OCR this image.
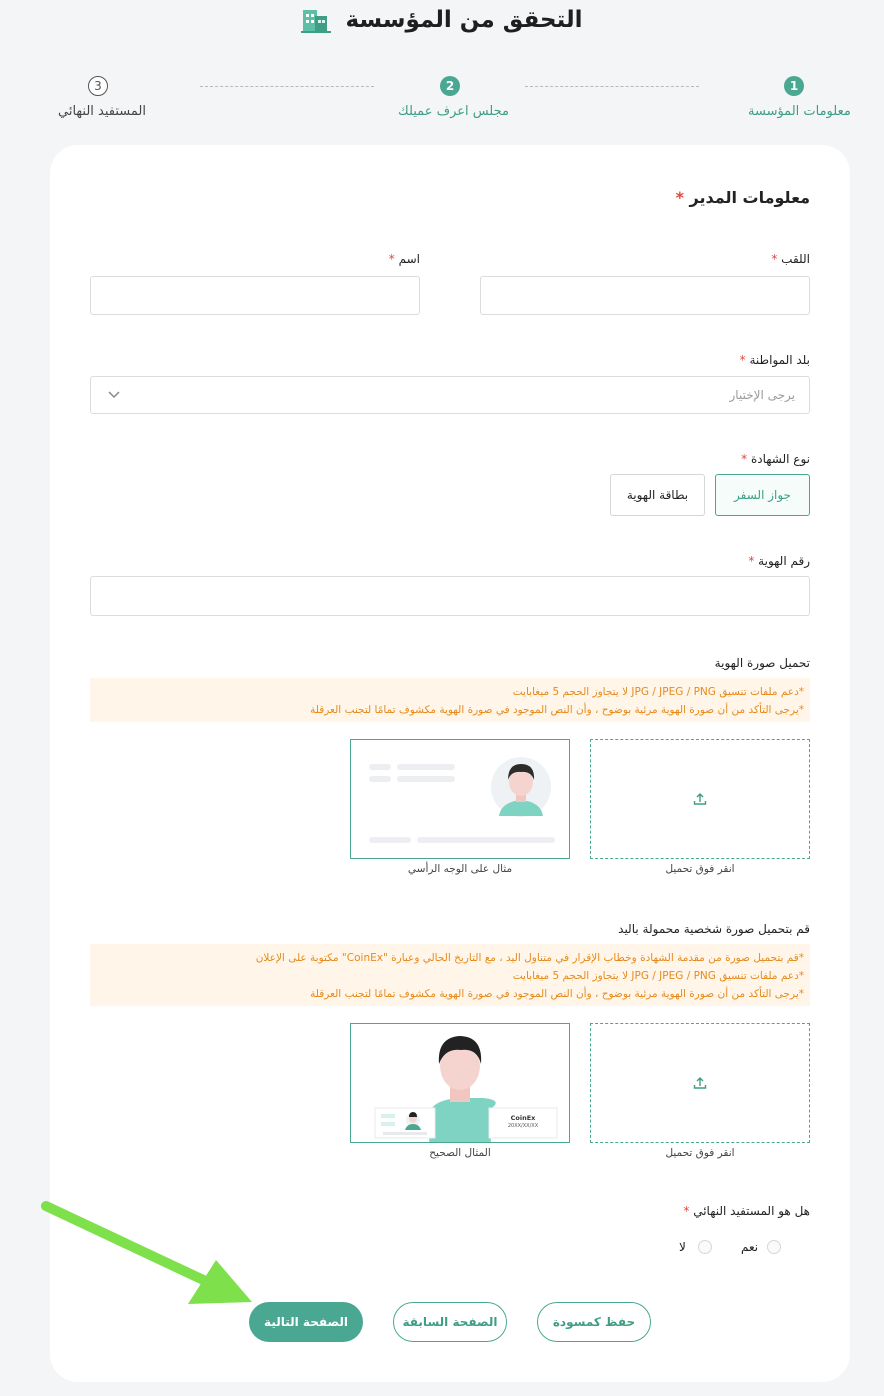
التحقق من المؤسسة
1
معلومات المؤسسة
2
مجلس اعرف عميلك
3
المستفيد النهائي
معلومات المدير *
اللقب *
اسم *
بلد المواطنة *
يرجى الإختيار
نوع الشهادة *
جواز السفر
بطاقة الهوية
رقم الهوية *
تحميل صورة الهوية
*دعم ملفات تنسيق JPG / JPEG / PNG لا يتجاوز الحجم 5 ميغابايت
*يرجى التأكد من أن صورة الهوية مرئية بوضوح ، وأن النص الموجود في صورة الهوية مكشوف تمامًا لتجنب العرقلة
انقر فوق تحميل
مثال على الوجه الرأسي
قم بتحميل صورة شخصية محمولة باليد
*قم بتحميل صورة من مقدمة الشهادة وخطاب الإقرار في متناول اليد ، مع التاريخ الحالي وعبارة "CoinEx" مكتوبة على الإعلان
*دعم ملفات تنسيق JPG / JPEG / PNG لا يتجاوز الحجم 5 ميغابايت
*يرجى التأكد من أن صورة الهوية مرئية بوضوح ، وأن النص الموجود في صورة الهوية مكشوف تمامًا لتجنب العرقلة
انقر فوق تحميل
CoinEx
20XX/XX/XX
المثال الصحيح
هل هو المستفيد النهائي *
نعم
لا
حفظ كمسودة
الصفحة السابقة
الصفحة التالية
